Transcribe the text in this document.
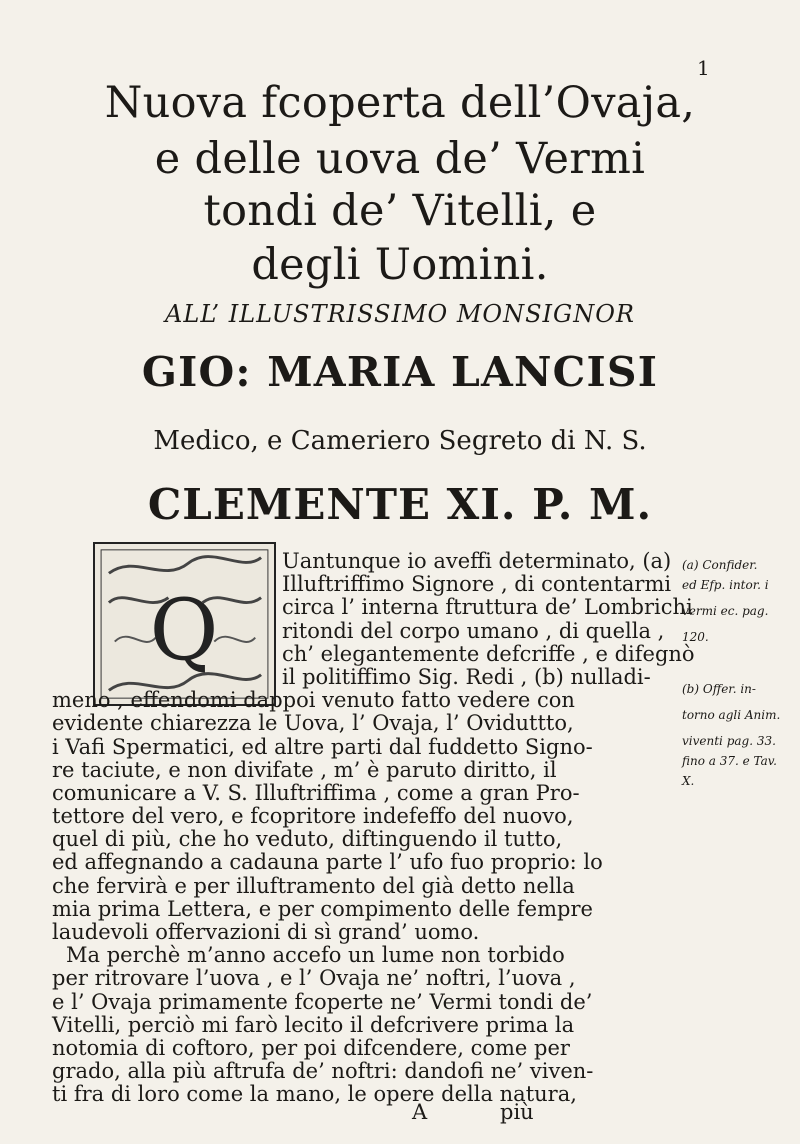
1
Nuova fcoperta dell’Ovaja,
e delle uova de’ Vermi
tondi de’ Vitelli, e
degli Uomini.
ALL’ ILLUSTRISSIMO MONSIGNOR
GIO: MARIA LANCISI
Medico, e Cameriero Segreto di N. S.
CLEMENTE XI. P. M.
Q
Uantunque io aveffi determinato, (a)
Illuftriffimo Signore , di contentarmi
circa l’ interna ftruttura de’ Lombrichi
ritondi del corpo umano , di quella ,
ch’ elegantemente defcriffe , e difegnò
il politiffimo Sig. Redi , (b) nulladi-
meno , effendomi dappoi venuto fatto vedere con
evidente chiarezza le Uova, l’ Ovaja, l’ Oviduttto,
i Vafi Spermatici, ed altre parti dal fuddetto Signo-
re taciute, e non divifate , m’ è paruto diritto, il
comunicare a V. S. Illuftriffima , come a gran Pro-
tettore del vero, e fcopritore indefeffo del nuovo,
quel di più, che ho veduto, diftinguendo il tutto,
ed affegnando a cadauna parte l’ ufo fuo proprio: lo
che fervirà e per illuftramento del già detto nella
mia prima Lettera, e per compimento delle fempre
laudevoli offervazioni di sì grand’ uomo.
Ma perchè m’anno accefo un lume non torbido
per ritrovare l’uova , e l’ Ovaja ne’ noftri, l’uova ,
e l’ Ovaja primamente fcoperte ne’ Vermi tondi de’
Vitelli, perciò mi farò lecito il defcrivere prima la
notomia di coftoro, per poi difcendere, come per
grado, alla più aftrufa de’ noftri: dandofi ne’ viven-
(a) Confider.
ed Efp. intor. i
vermi ec. pag.
120.
(b) Offer. in-
torno agli Anim.
viventi pag. 33.
fino a 37. e Tav.
X.
A	più
ti fra di loro come la mano, le opere della natura,
